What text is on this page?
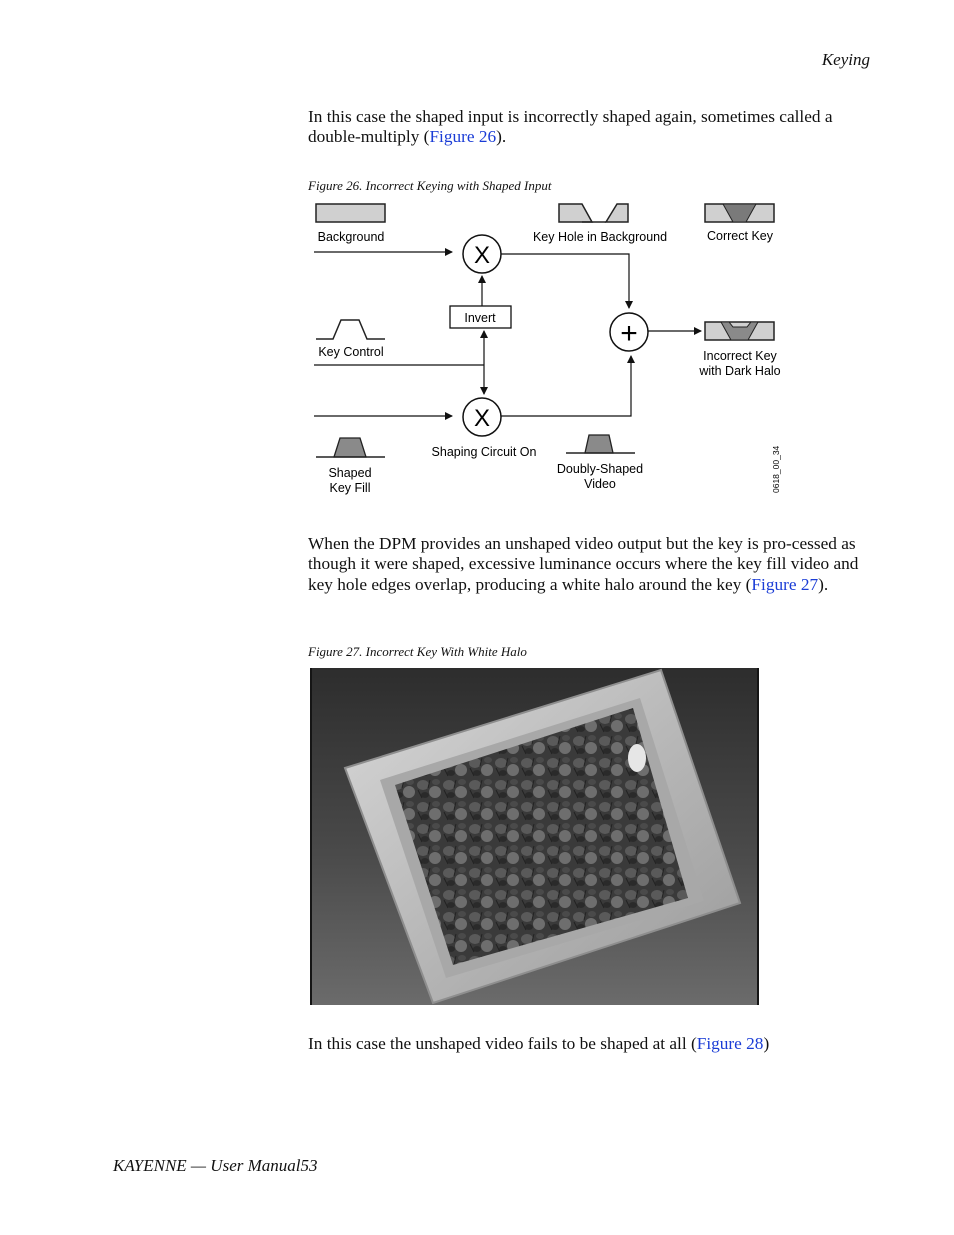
Keying

In this case the shaped input is incorrectly shaped again, sometimes called a double-multiply (Figure 26).

Figure 26. Incorrect Keying with Shaped Input
Background
X
Key Hole in Background	Correct Key
Invert
Key Control
+
Incorrect Key
with Dark Halo
X
Shaping Circuit On
Shaped
Key Fill
Doubly-Shaped
Video	0618_00_34

When the DPM provides an unshaped video output but the key is pro-cessed as though it were shaped, excessive luminance occurs where the key fill video and key hole edges overlap, producing a white halo around the key (Figure 27).

Figure 27. Incorrect Key With White Halo

In this case the unshaped video fails to be shaped at all (Figure 28)

KAYENNE — User Manual53
